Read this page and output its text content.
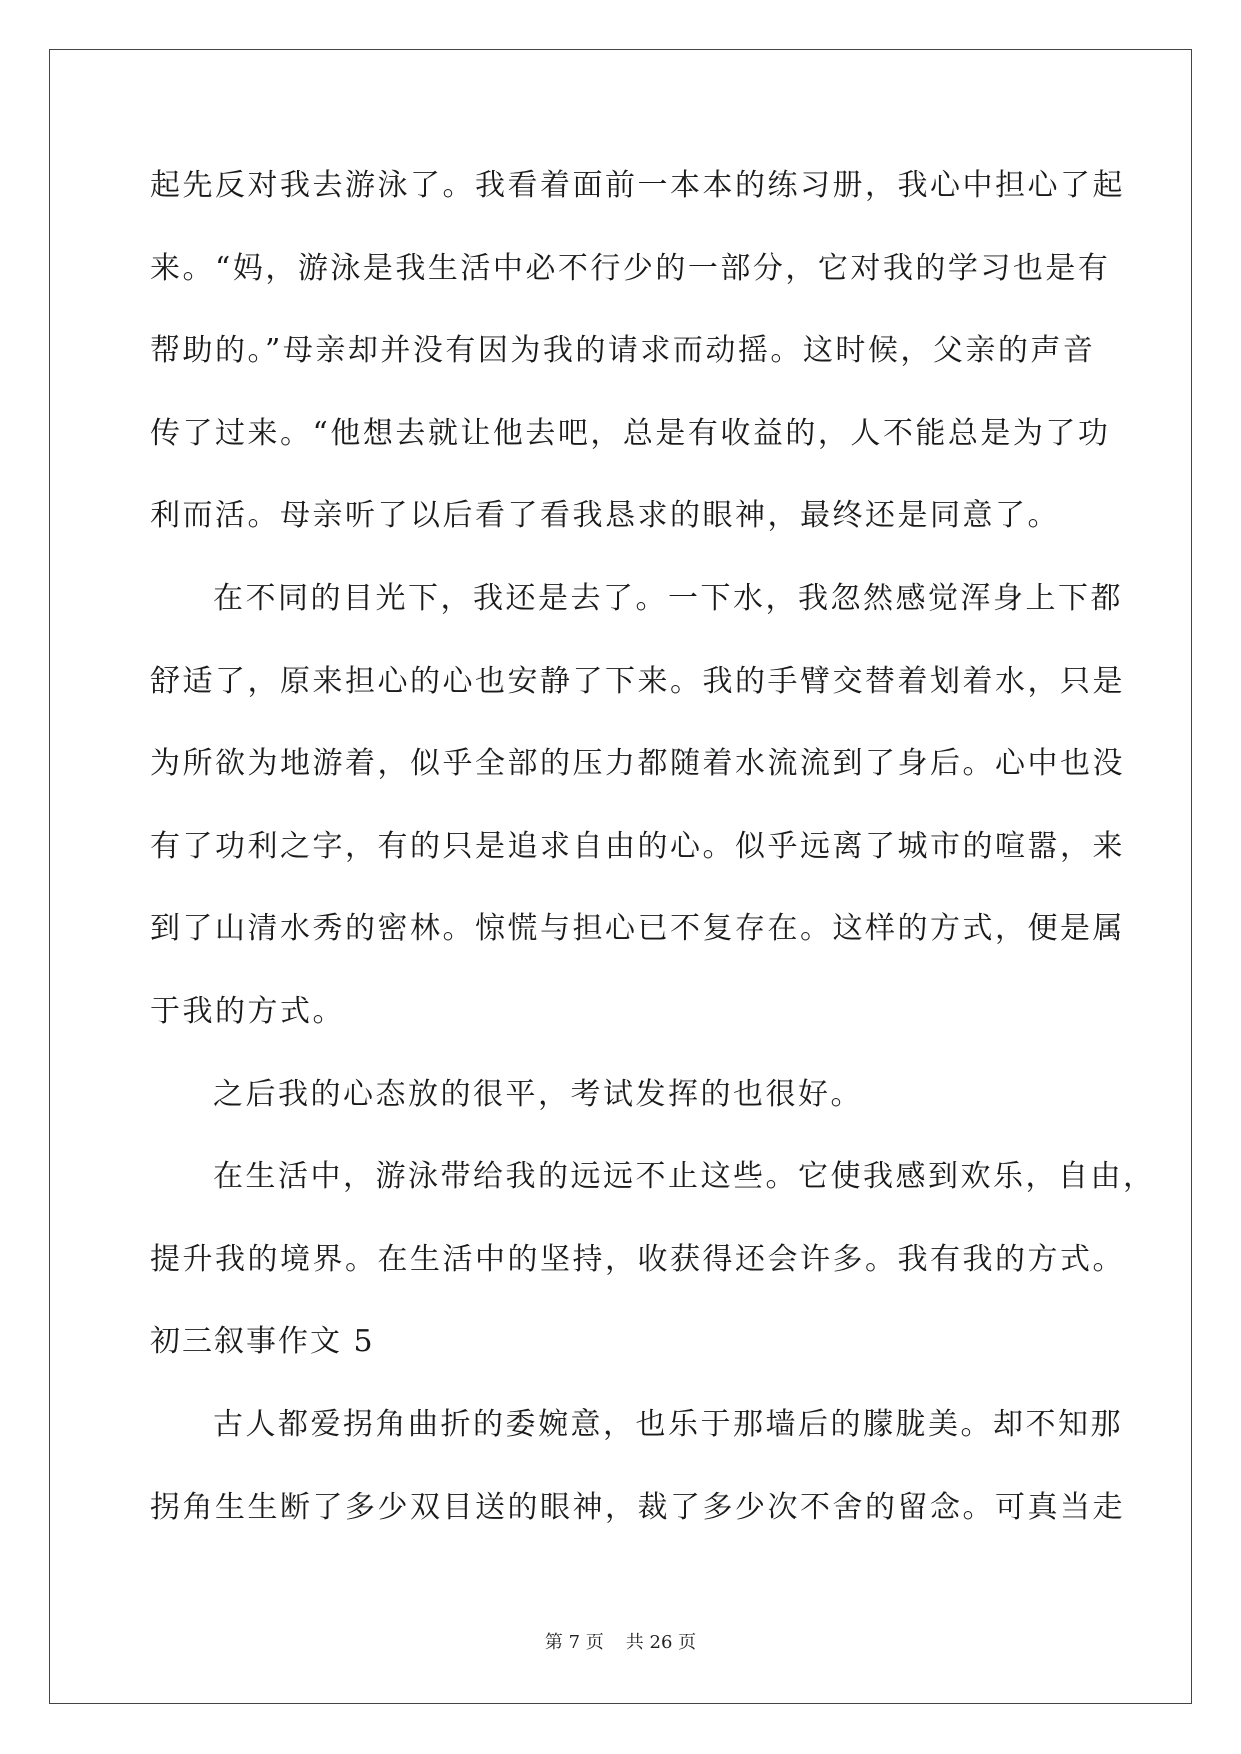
起先反对我去游泳了。我看着面前一本本的练习册，我心中担心了起
来。“妈，游泳是我生活中必不行少的一部分，它对我的学习也是有
帮助的。”母亲却并没有因为我的请求而动摇。这时候，父亲的声音
传了过来。“他想去就让他去吧，总是有收益的，人不能总是为了功
利而活。母亲听了以后看了看我恳求的眼神，最终还是同意了。
在不同的目光下，我还是去了。一下水，我忽然感觉浑身上下都
舒适了，原来担心的心也安静了下来。我的手臂交替着划着水，只是
为所欲为地游着，似乎全部的压力都随着水流流到了身后。心中也没
有了功利之字，有的只是追求自由的心。似乎远离了城市的喧嚣，来
到了山清水秀的密林。惊慌与担心已不复存在。这样的方式，便是属
于我的方式。
之后我的心态放的很平，考试发挥的也很好。
在生活中，游泳带给我的远远不止这些。它使我感到欢乐，自由，
提升我的境界。在生活中的坚持，收获得还会许多。我有我的方式。
初三叙事作文 5
古人都爱拐角曲折的委婉意，也乐于那墙后的朦胧美。却不知那
拐角生生断了多少双目送的眼神，裁了多少次不舍的留念。可真当走
第 7 页 共 26 页
